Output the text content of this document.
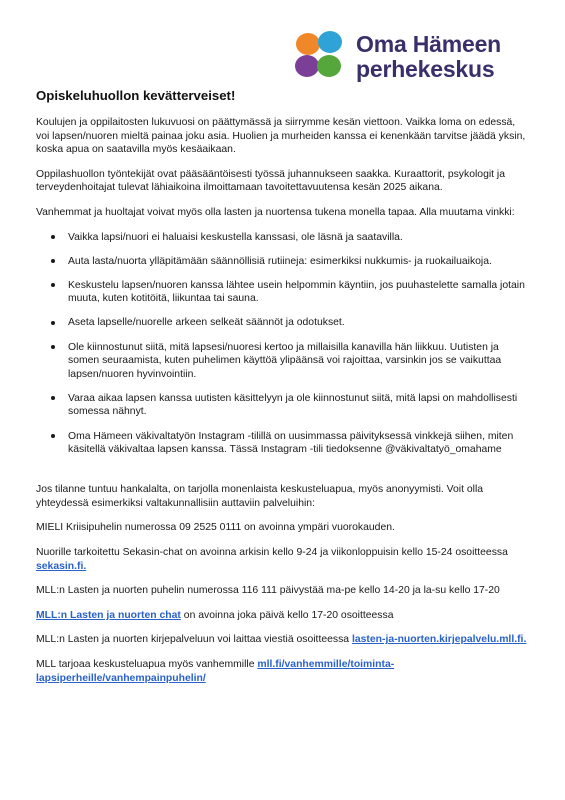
Oma Hämeen
perhekeskus
Opiskeluhuollon kevätterveiset!

Koulujen ja oppilaitosten lukuvuosi on päättymässä ja siirrymme kesän viettoon. Vaikka loma on edessä, voi lapsen/nuoren mieltä painaa joku asia. Huolien ja murheiden kanssa ei kenenkään tarvitse jäädä yksin, koska apua on saatavilla myös kesäaikaan.

Oppilashuollon työntekijät ovat pääsääntöisesti työssä juhannukseen saakka. Kuraattorit, psykologit ja terveydenhoitajat tulevat lähiaikoina ilmoittamaan tavoitettavuutensa kesän 2025 aikana.

Vanhemmat ja huoltajat voivat myös olla lasten ja nuortensa tukena monella tapaa. Alla muutama vinkki:

Vaikka lapsi/nuori ei haluaisi keskustella kanssasi, ole läsnä ja saatavilla.
Auta lasta/nuorta ylläpitämään säännöllisiä rutiineja: esimerkiksi nukkumis- ja ruokailuaikoja.
Keskustelu lapsen/nuoren kanssa lähtee usein helpommin käyntiin, jos puuhastelette samalla jotain muuta, kuten kotitöitä, liikuntaa tai sauna.
Aseta lapselle/nuorelle arkeen selkeät säännöt ja odotukset.
Ole kiinnostunut siitä, mitä lapsesi/nuoresi kertoo ja millaisilla kanavilla hän liikkuu. Uutisten ja somen seuraamista, kuten puhelimen käyttöä ylipäänsä voi rajoittaa, varsinkin jos se vaikuttaa lapsen/nuoren hyvinvointiin.
Varaa aikaa lapsen kanssa uutisten käsittelyyn ja ole kiinnostunut siitä, mitä lapsi on mahdollisesti somessa nähnyt.
Oma Hämeen väkivaltatyön Instagram -tilillä on uusimmassa päivityksessä vinkkejä siihen, miten käsitellä väkivaltaa lapsen kanssa. Tässä Instagram -tili tiedoksenne @väkivaltatyö_omahame

Jos tilanne tuntuu hankalalta, on tarjolla monenlaista keskusteluapua, myös anonyymisti. Voit olla yhteydessä esimerkiksi valtakunnallisiin auttaviin palveluihin:

MIELI Kriisipuhelin numerossa 09 2525 0111 on avoinna ympäri vuorokauden.

Nuorille tarkoitettu Sekasin-chat on avoinna arkisin kello 9-24 ja viikonloppuisin kello 15-24 osoitteessa sekasin.fi.

MLL:n Lasten ja nuorten puhelin numerossa 116 111 päivystää ma-pe kello 14-20 ja la-su kello 17-20

MLL:n Lasten ja nuorten chat on avoinna joka päivä kello 17-20 osoitteessa

MLL:n Lasten ja nuorten kirjepalveluun voi laittaa viestiä osoitteessa lasten-ja-nuorten.kirjepalvelu.mll.fi.

MLL tarjoaa keskusteluapua myös vanhemmille mll.fi/vanhemmille/toiminta-lapsiperheille/vanhempainpuhelin/
